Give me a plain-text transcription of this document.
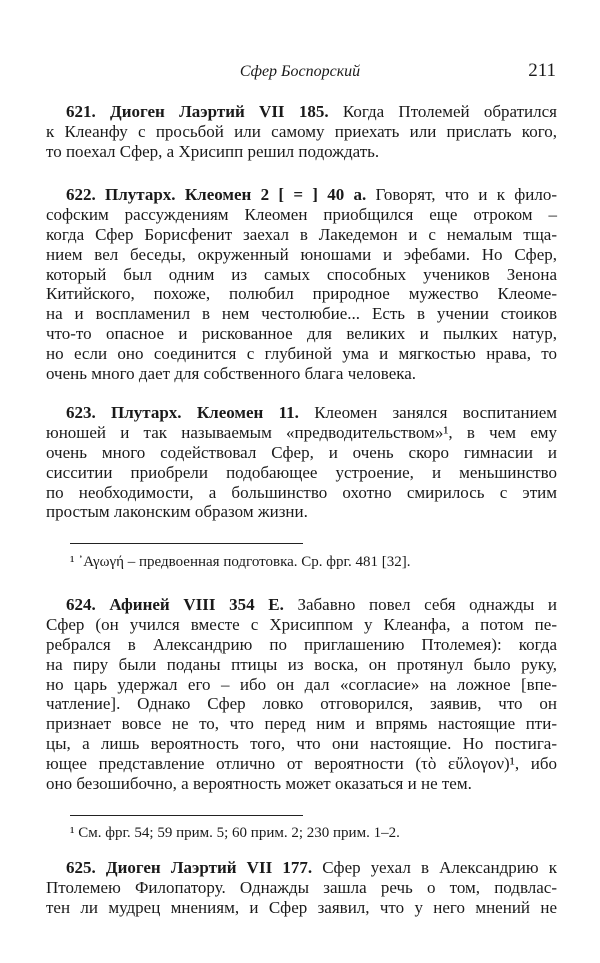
Сфер Боспорский	211
621. Диоген Лаэртий VII 185. Когда Птолемей обратился
к Клеанфу с просьбой или самому приехать или прислать кого,
то поехал Сфер, а Хрисипп решил подождать.
622. Плутарх. Клеомен 2 [ = ] 40 a. Говорят, что и к фило-
софским рассуждениям Клеомен приобщился еще отроком –
когда Сфер Борисфенит заехал в Лакедемон и с немалым тща-
нием вел беседы, окруженный юношами и эфебами. Но Сфер,
который был одним из самых способных учеников Зенона
Китийского, похоже, полюбил природное мужество Клеоме-
на и воспламенил в нем честолюбие... Есть в учении стоиков
что-то опасное и рискованное для великих и пылких натур,
но если оно соединится с глубиной ума и мягкостью нрава, то
очень много дает для собственного блага человека.
623. Плутарх. Клеомен 11. Клеомен занялся воспитанием
юношей и так называемым «предводительством»¹, в чем ему
очень много содействовал Сфер, и очень скоро гимнасии и
сисситии приобрели подобающее устроение, и меньшинство
по необходимости, а большинство охотно смирилось с этим
простым лаконским образом жизни.
¹ ᾿Αγωγή – предвоенная подготовка. Ср. фрг. 481 [32].
624. Афиней VIII 354 E. Забавно повел себя однажды и
Сфер (он учился вместе с Хрисиппом у Клеанфа, а потом пе-
ребрался в Александрию по приглашению Птолемея): когда
на пиру были поданы птицы из воска, он протянул было руку,
но царь удержал его – ибо он дал «согласие» на ложное [впе-
чатление]. Однако Сфер ловко отговорился, заявив, что он
признает вовсе не то, что перед ним и впрямь настоящие пти-
цы, а лишь вероятность того, что они настоящие. Но постига-
ющее представление отлично от вероятности (τὸ εὔλογον)¹, ибо
оно безошибочно, а вероятность может оказаться и не тем.
¹ См. фрг. 54; 59 прим. 5; 60 прим. 2; 230 прим. 1–2.
625. Диоген Лаэртий VII 177. Сфер уехал в Александрию к
Птолемею Филопатору. Однажды зашла речь о том, подвлас-
тен ли мудрец мнениям, и Сфер заявил, что у него мнений не
